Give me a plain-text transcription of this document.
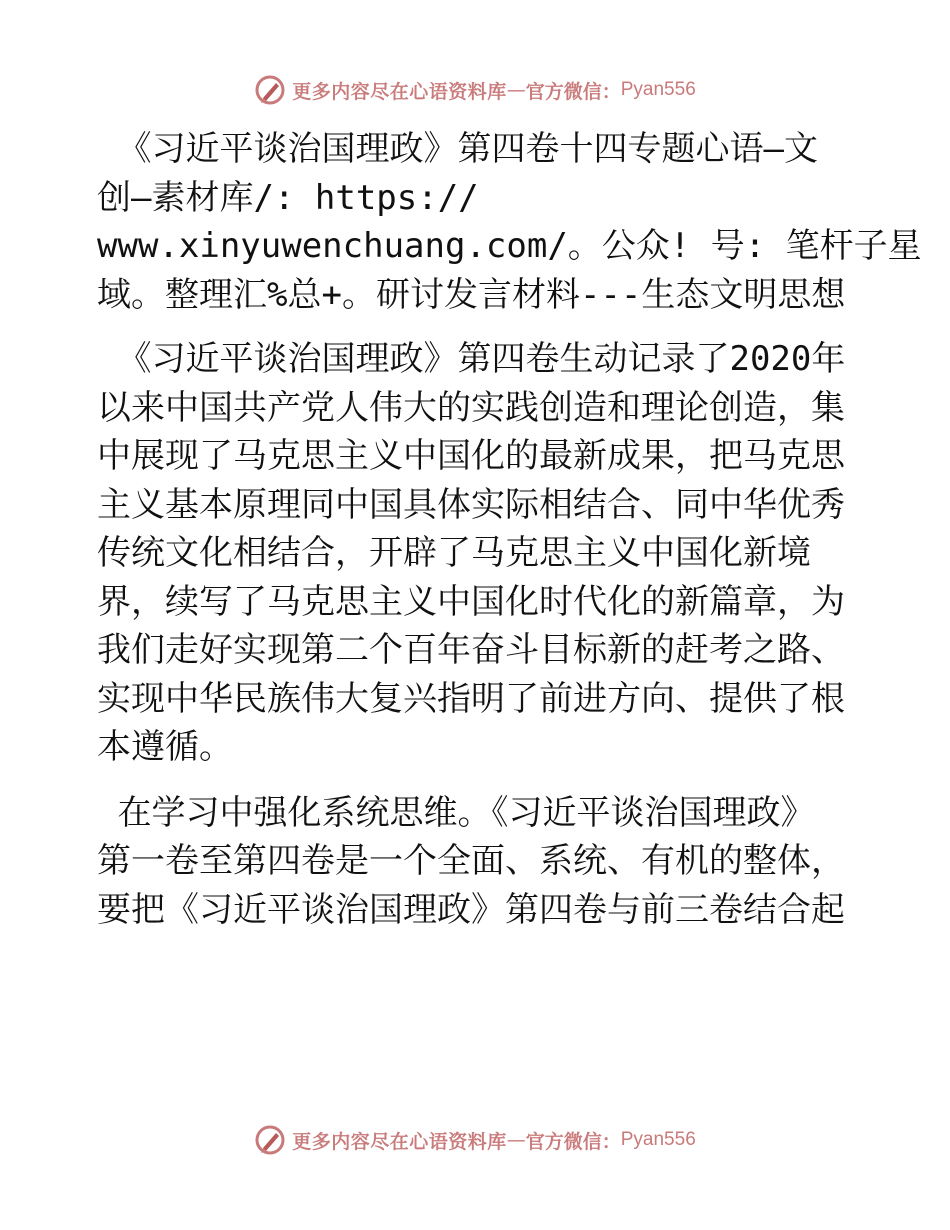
更多内容尽在心语资料库 — 官方微信： Pyan556

《习近平谈治国理政》第四卷十四专题心语—文
创—素材库/: https://
www.xinyuwenchuang.com/。公众! 号: 笔杆子星
域。整理汇%总+。研讨发言材料---生态文明思想

《习近平谈治国理政》第四卷生动记录了2020年
以来中国共产党人伟大的实践创造和理论创造，集
中展现了马克思主义中国化的最新成果，把马克思
主义基本原理同中国具体实际相结合、同中华优秀
传统文化相结合，开辟了马克思主义中国化新境
界，续写了马克思主义中国化时代化的新篇章，为
我们走好实现第二个百年奋斗目标新的赶考之路、
实现中华民族伟大复兴指明了前进方向、提供了根
本遵循。

在学习中强化系统思维。《习近平谈治国理政》
第一卷至第四卷是一个全面、系统、有机的整体，
要把《习近平谈治国理政》第四卷与前三卷结合起

更多内容尽在心语资料库 — 官方微信： Pyan556
